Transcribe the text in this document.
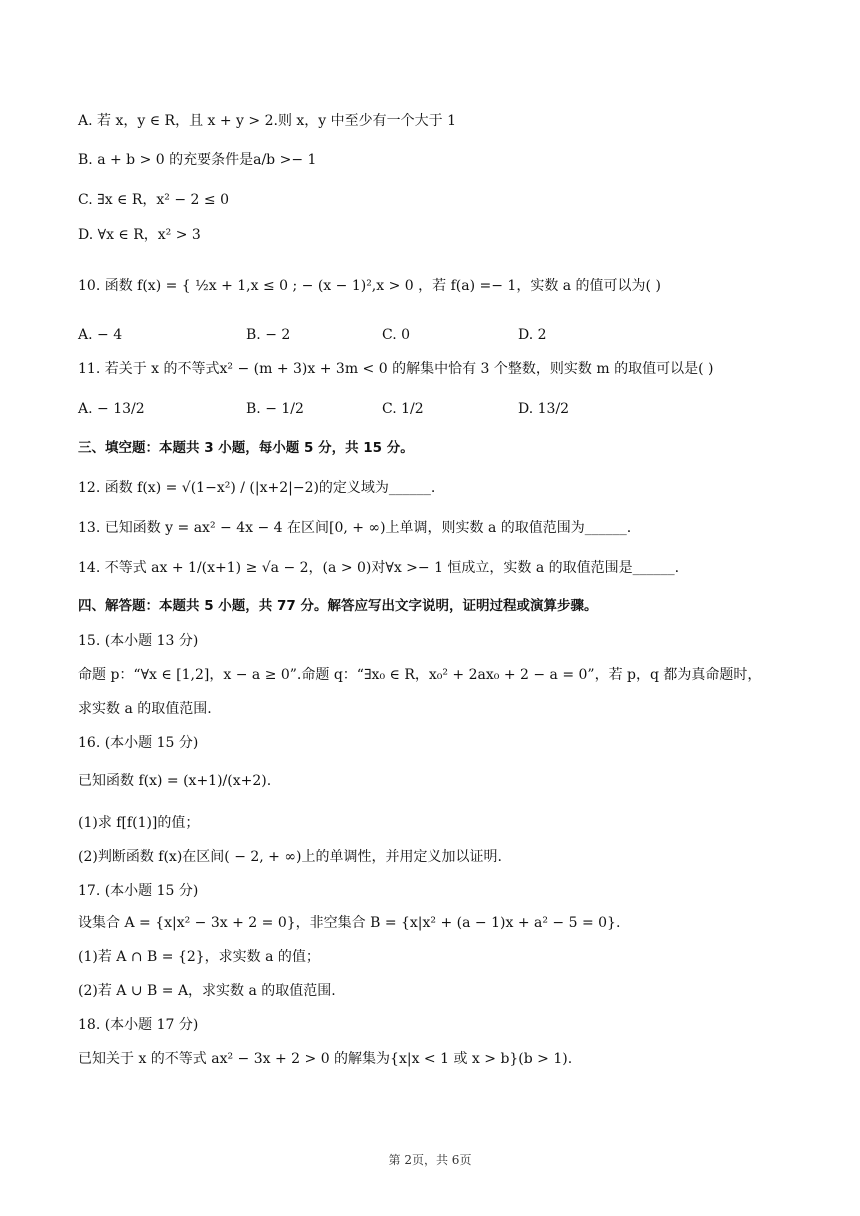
A. 若 x，y ∈ R，且 x + y > 2.则 x，y 中至少有一个大于 1
B. a + b > 0 的充要条件是a/b >− 1
C. ∃x ∈ R，x² − 2 ≤ 0
D. ∀x ∈ R，x² > 3
10. 函数 f(x) = { ½x + 1,x ≤ 0 ; − (x − 1)²,x > 0 ，若 f(a) =− 1，实数 a 的值可以为( )
A. − 4	B. − 2	C. 0	D. 2
11. 若关于 x 的不等式x² − (m + 3)x + 3m < 0 的解集中恰有 3 个整数，则实数 m 的取值可以是( )
A. − 13/2	B. − 1/2	C. 1/2	D. 13/2
三、填空题：本题共 3 小题，每小题 5 分，共 15 分。
12. 函数 f(x) = √(1−x²) / (|x+2|−2)的定义域为______.
13. 已知函数 y = ax² − 4x − 4 在区间[0, + ∞)上单调，则实数 a 的取值范围为______.
14. 不等式 ax + 1/(x+1) ≥ √a − 2，(a > 0)对∀x >− 1 恒成立，实数 a 的取值范围是______.
四、解答题：本题共 5 小题，共 77 分。解答应写出文字说明，证明过程或演算步骤。
15. (本小题 13 分)
命题 p：“∀x ∈ [1,2]，x − a ≥ 0”.命题 q：“∃x₀ ∈ R，x₀² + 2ax₀ + 2 − a = 0”，若 p，q 都为真命题时，
求实数 a 的取值范围.
16. (本小题 15 分)
已知函数 f(x) = (x+1)/(x+2).
(1)求 f[f(1)]的值；
(2)判断函数 f(x)在区间( − 2, + ∞)上的单调性，并用定义加以证明.
17. (本小题 15 分)
设集合 A = {x|x² − 3x + 2 = 0}，非空集合 B = {x|x² + (a − 1)x + a² − 5 = 0}.
(1)若 A ∩ B = {2}，求实数 a 的值；
(2)若 A ∪ B = A，求实数 a 的取值范围.
18. (本小题 17 分)
已知关于 x 的不等式 ax² − 3x + 2 > 0 的解集为{x|x < 1 或 x > b}(b > 1).
第 2页，共 6页
